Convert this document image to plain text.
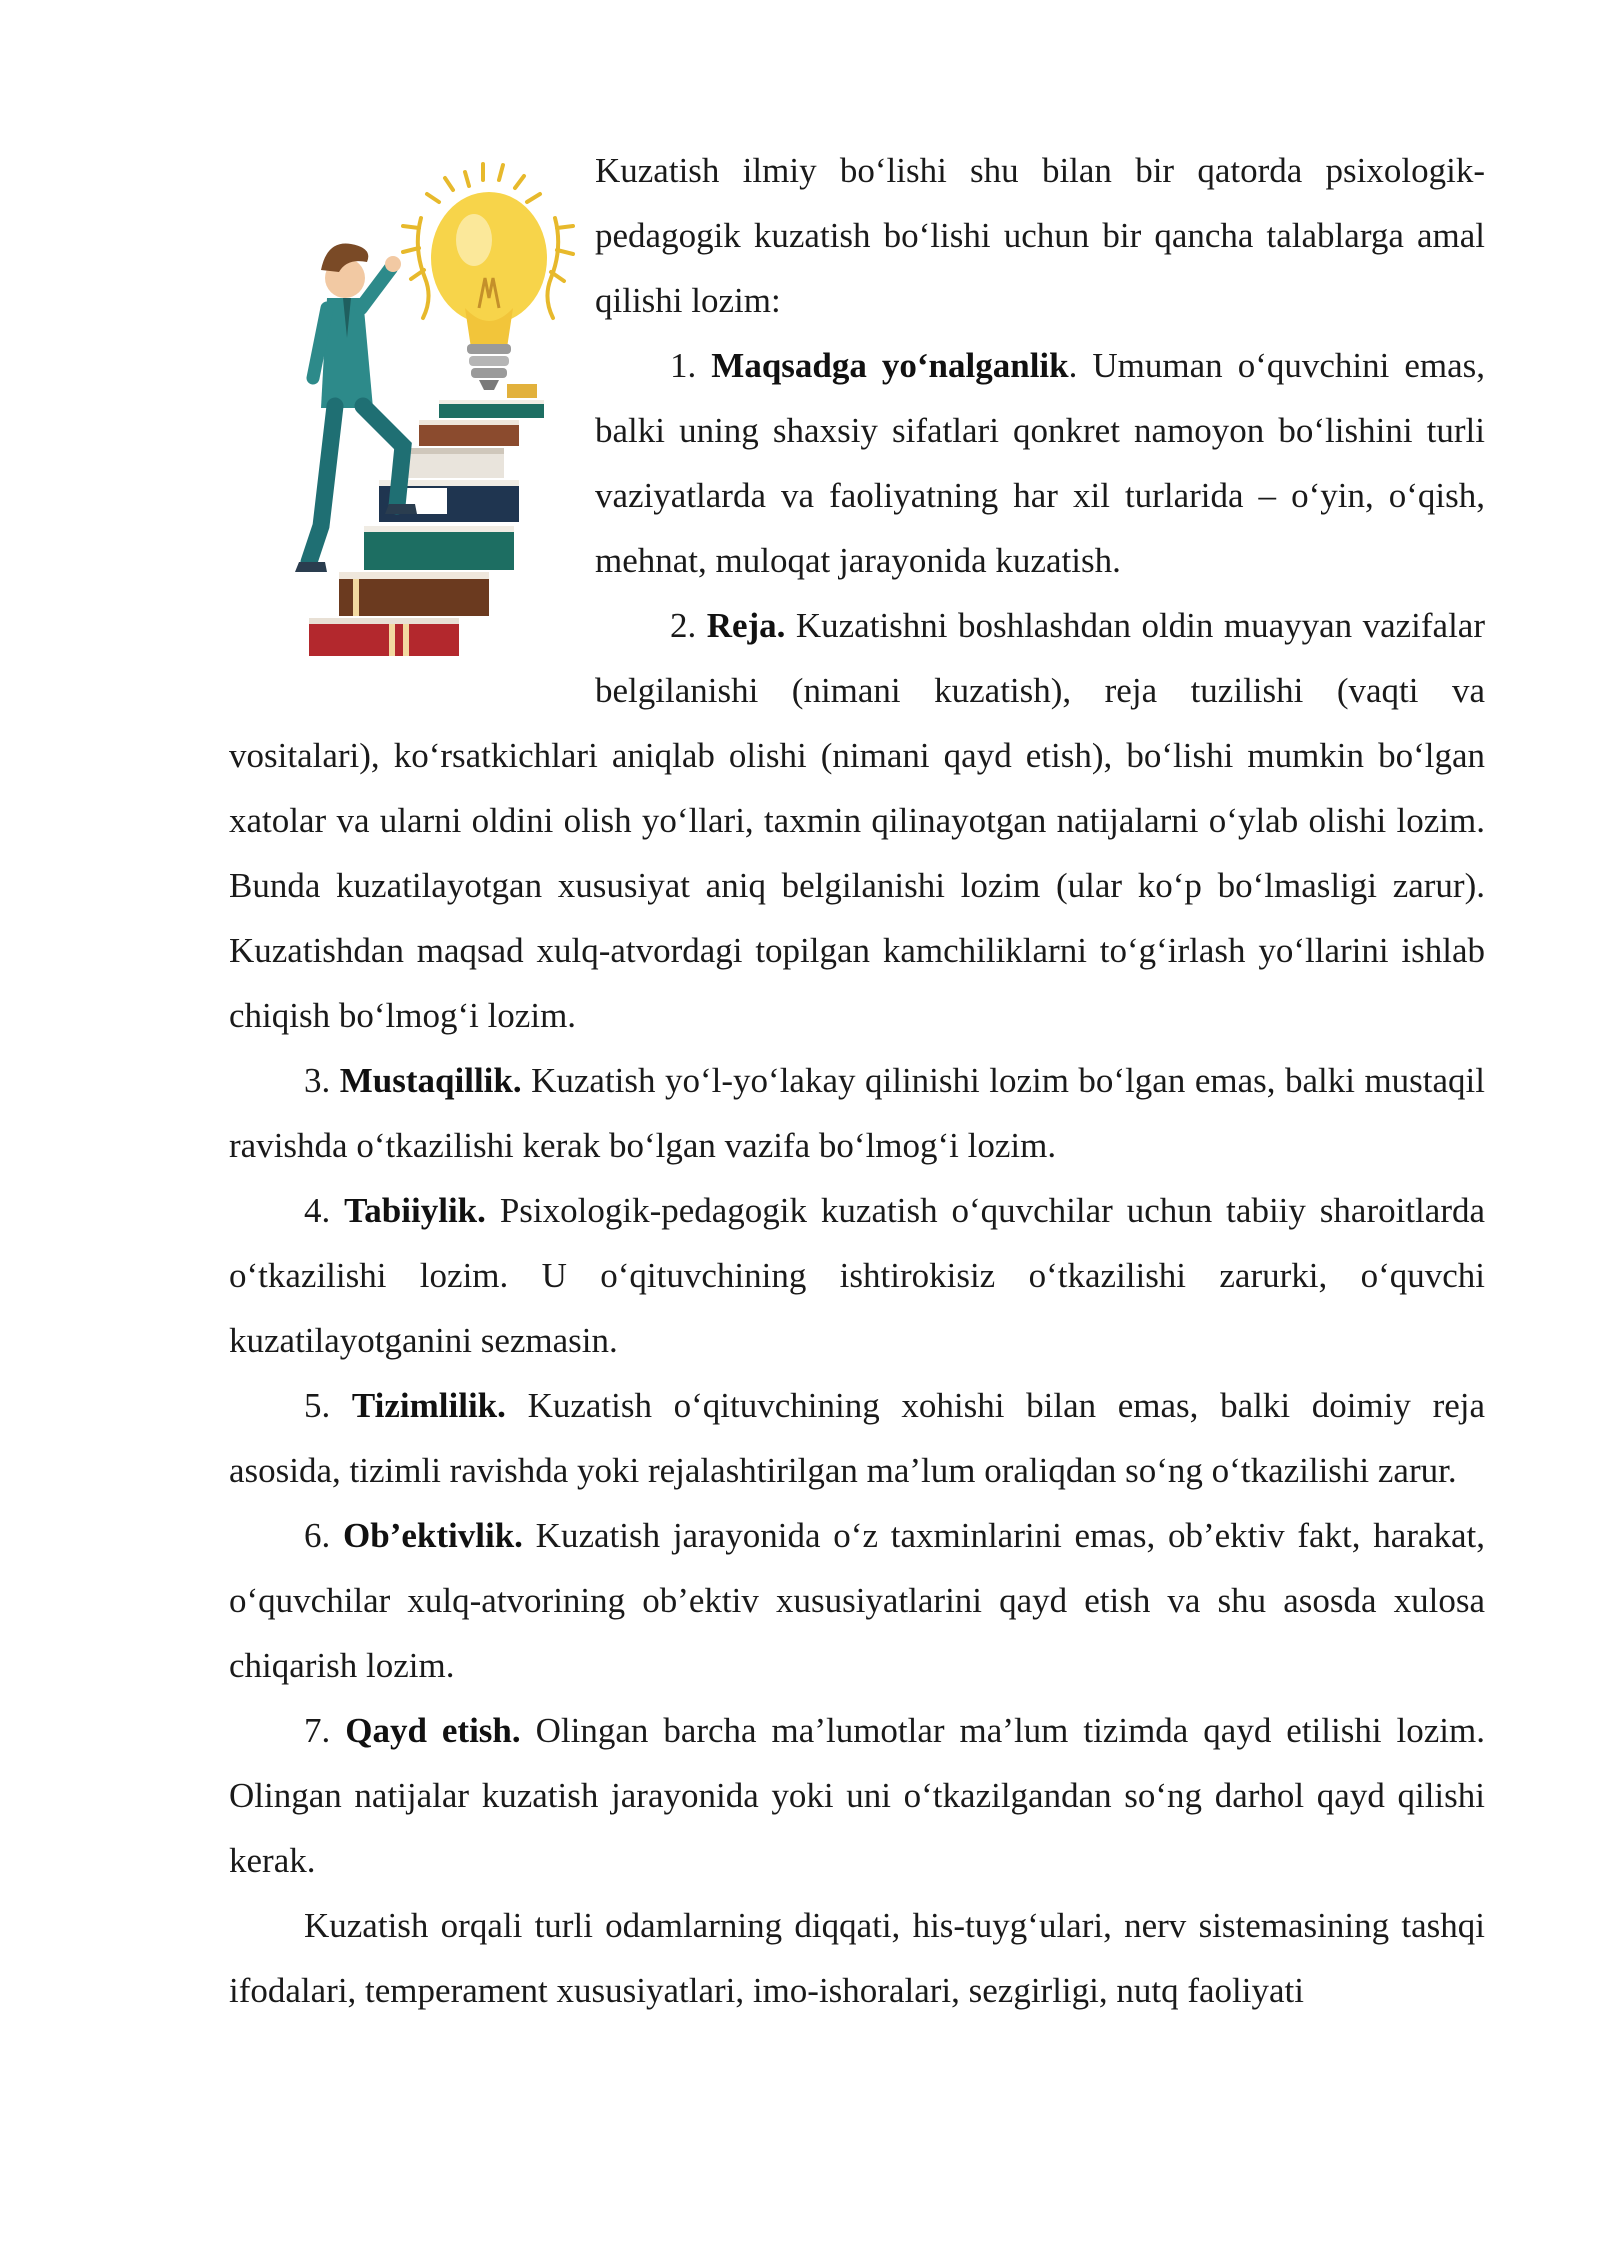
Kuzatish ilmiy bo‘lishi shu bilan bir qatorda psixologik-pedagogik kuzatish bo‘lishi uchun bir qancha talablarga amal qilishi lozim:

1. Maqsadga yo‘nalganlik. Umuman o‘quvchini emas, balki uning shaxsiy sifatlari qonkret namoyon bo‘lishini turli vaziyatlarda va faoliyatning har xil turlarida – o‘yin, o‘qish, mehnat, muloqat jarayonida kuzatish.

2. Reja. Kuzatishni boshlashdan oldin muayyan vazifalar belgilanishi (nimani kuzatish), reja tuzilishi (vaqti va vositalari), ko‘rsatkichlari aniqlab olishi (nimani qayd etish), bo‘lishi mumkin bo‘lgan xatolar va ularni oldini olish yo‘llari, taxmin qilinayotgan natijalarni o‘ylab olishi lozim. Bunda kuzatilayotgan xususiyat aniq belgilanishi lozim (ular ko‘p bo‘lmasligi zarur). Kuzatishdan maqsad xulq-atvordagi topilgan kamchiliklarni to‘g‘irlash yo‘llarini ishlab chiqish bo‘lmog‘i lozim.

3. Mustaqillik. Kuzatish yo‘l-yo‘lakay qilinishi lozim bo‘lgan emas, balki mustaqil ravishda o‘tkazilishi kerak bo‘lgan vazifa bo‘lmog‘i lozim.

4. Tabiiylik. Psixologik-pedagogik kuzatish o‘quvchilar uchun tabiiy sharoitlarda o‘tkazilishi lozim. U o‘qituvchining ishtirokisiz o‘tkazilishi zarurki, o‘quvchi kuzatilayotganini sezmasin.

5. Tizimlilik. Kuzatish o‘qituvchining xohishi bilan emas, balki doimiy reja asosida, tizimli ravishda yoki rejalashtirilgan ma’lum oraliqdan so‘ng o‘tkazilishi zarur.

6. Ob’ektivlik. Kuzatish jarayonida o‘z taxminlarini emas, ob’ektiv fakt, harakat, o‘quvchilar xulq-atvorining ob’ektiv xususiyatlarini qayd etish va shu asosda xulosa chiqarish lozim.

7. Qayd etish. Olingan barcha ma’lumotlar ma’lum tizimda qayd etilishi lozim. Olingan natijalar kuzatish jarayonida yoki uni o‘tkazilgandan so‘ng darhol qayd qilishi kerak.

Kuzatish orqali turli odamlarning diqqati, his-tuyg‘ulari, nerv sistemasining tashqi ifodalari, temperament xususiyatlari, imo-ishoralari, sezgirligi, nutq faoliyati
